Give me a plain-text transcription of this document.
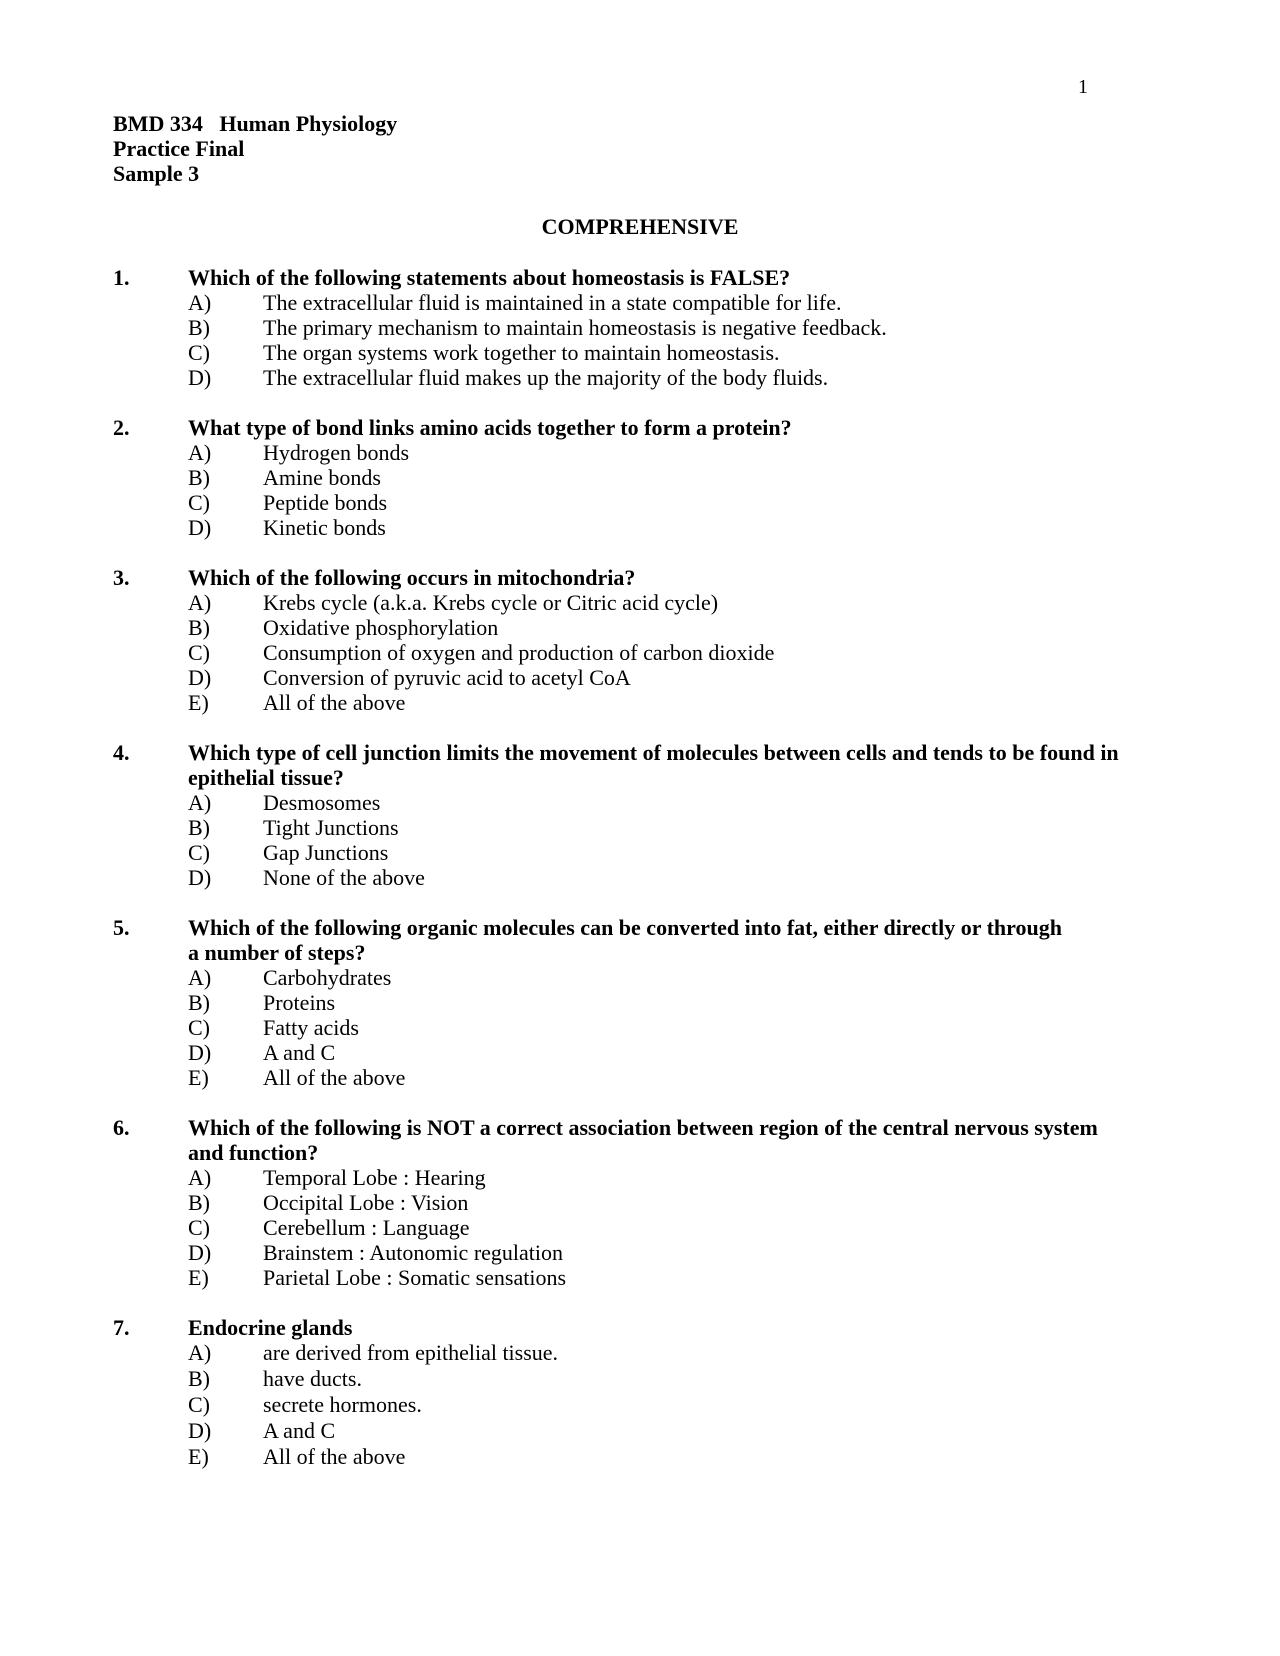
1
BMD 334   Human Physiology
Practice Final
Sample 3
COMPREHENSIVE
1.	Which of the following statements about homeostasis is FALSE?
A)	The extracellular fluid is maintained in a state compatible for life.
B)	The primary mechanism to maintain homeostasis is negative feedback.
C)	The organ systems work together to maintain homeostasis.
D)	The extracellular fluid makes up the majority of the body fluids.
2.	What type of bond links amino acids together to form a protein?
A)	Hydrogen bonds
B)	Amine bonds
C)	Peptide bonds
D)	Kinetic bonds
3.	Which of the following occurs in mitochondria?
A)	Krebs cycle (a.k.a. Krebs cycle or Citric acid cycle)
B)	Oxidative phosphorylation
C)	Consumption of oxygen and production of carbon dioxide
D)	Conversion of pyruvic acid to acetyl CoA
E)	All of the above
4.	Which type of cell junction limits the movement of molecules between cells and tends to be found in epithelial tissue?
A)	Desmosomes
B)	Tight Junctions
C)	Gap Junctions
D)	None of the above
5.	Which of the following organic molecules can be converted into fat, either directly or through a number of steps?
A)	Carbohydrates
B)	Proteins
C)	Fatty acids
D)	A and C
E)	All of the above
6.	Which of the following is NOT a correct association between region of the central nervous system and function?
A)	Temporal Lobe : Hearing
B)	Occipital Lobe : Vision
C)	Cerebellum : Language
D)	Brainstem : Autonomic regulation
E)	Parietal Lobe : Somatic sensations
7.	Endocrine glands
A)	are derived from epithelial tissue.
B)	have ducts.
C)	secrete hormones.
D)	A and C
E)	All of the above
